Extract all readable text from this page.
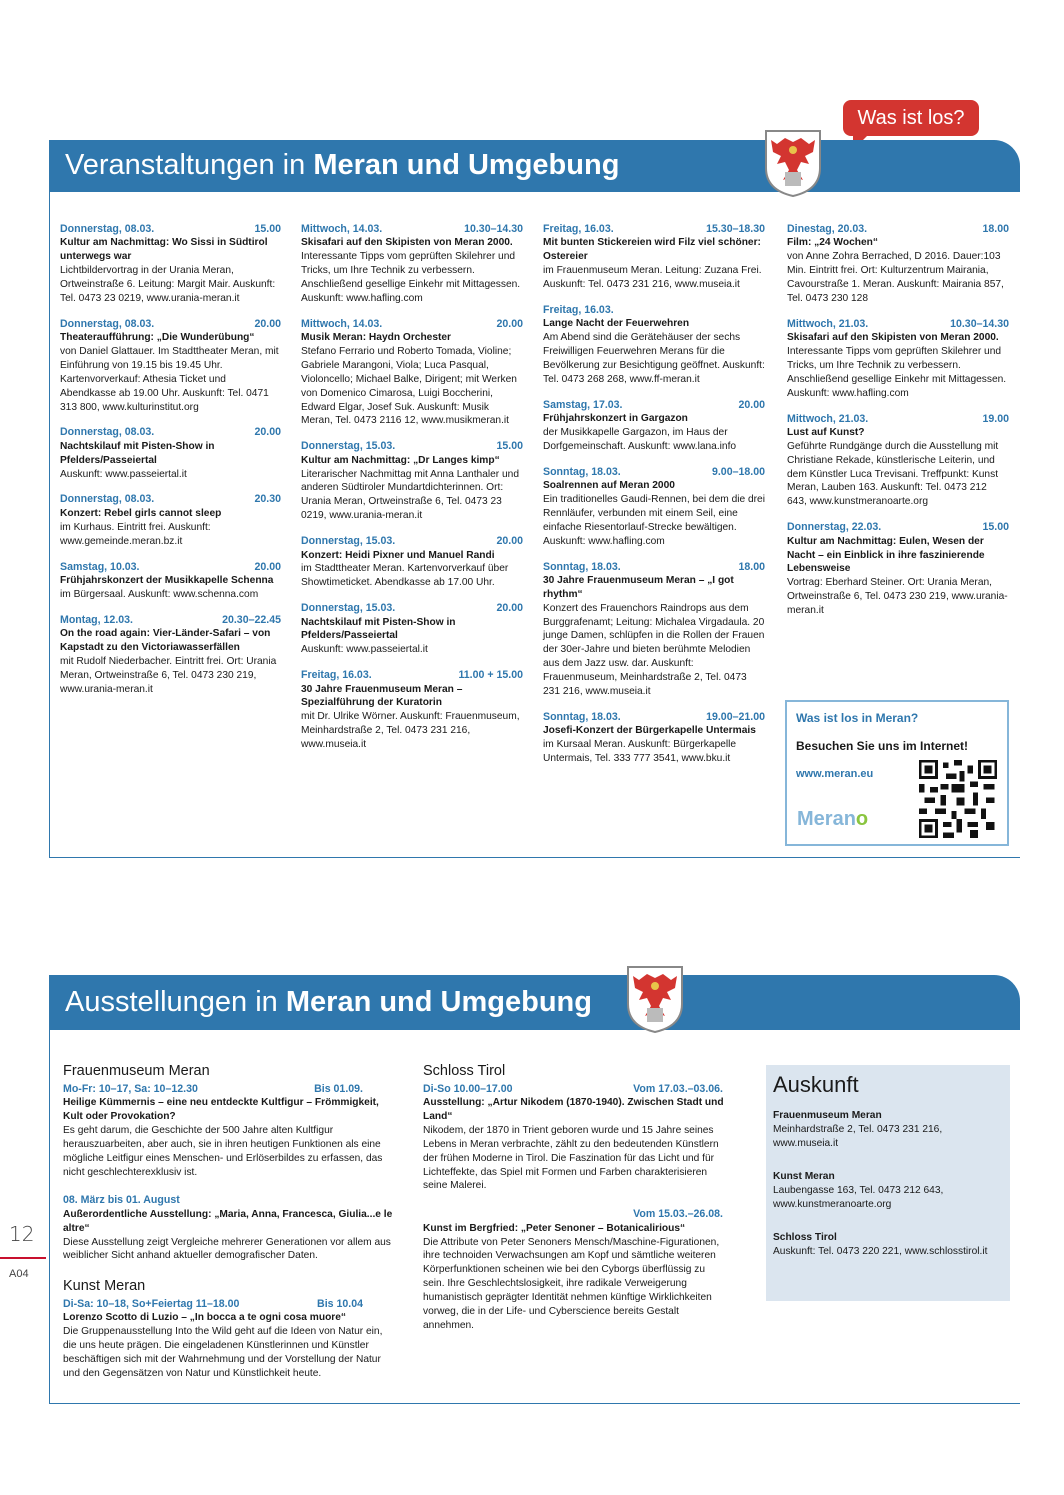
Was ist los?
Veranstaltungen in Meran und Umgebung
Donnerstag, 08.03.	15.00
Kultur am Nachmittag: Wo Sissi in Südtirol unterwegs war
Lichtbildervortrag in der Urania Meran, Ortweinstraße 6. Leitung: Margit Mair. Auskunft: Tel. 0473 23 0219, www.urania-meran.it
Donnerstag, 08.03.	20.00
Theateraufführung: „Die Wunderübung“
von Daniel Glattauer. Im Stadttheater Meran, mit Einführung von 19.15 bis 19.45 Uhr. Kartenvorverkauf: Athesia Ticket und Abendkasse ab 19.00 Uhr. Auskunft: Tel. 0471 313 800, www.kulturinstitut.org
Donnerstag, 08.03.	20.00
Nachtskilauf mit Pisten-Show in Pfelders/Passeiertal
Auskunft: www.passeiertal.it
Donnerstag, 08.03.	20.30
Konzert: Rebel girls cannot sleep
im Kurhaus. Eintritt frei. Auskunft: www.gemeinde.meran.bz.it
Samstag, 10.03.	20.00
Frühjahrskonzert der Musikkapelle Schenna
im Bürgersaal. Auskunft: www.schenna.com
Montag, 12.03.	20.30–22.45
On the road again: Vier-Länder-Safari – von Kapstadt zu den Victoriawasserfällen
mit Rudolf Niederbacher. Eintritt frei. Ort: Urania Meran, Ortweinstraße 6, Tel. 0473 230 219, www.urania-meran.it
Mittwoch, 14.03.	10.30–14.30
Skisafari auf den Skipisten von Meran 2000.
Interessante Tipps vom geprüften Skilehrer und Tricks, um Ihre Technik zu verbessern. Anschließend gesellige Einkehr mit Mittagessen. Auskunft: www.hafling.com
Mittwoch, 14.03.	20.00
Musik Meran: Haydn Orchester
Stefano Ferrario und Roberto Tomada, Violine; Gabriele Marangoni, Viola; Luca Pasqual, Violoncello; Michael Balke, Dirigent; mit Werken von Domenico Cimarosa, Luigi Boccherini, Edward Elgar, Josef Suk. Auskunft: Musik Meran, Tel. 0473 2116 12, www.musikmeran.it
Donnerstag, 15.03.	15.00
Kultur am Nachmittag: „Dr Langes kimp“
Literarischer Nachmittag mit Anna Lanthaler und anderen Südtiroler Mundartdichterinnen. Ort: Urania Meran, Ortweinstraße 6, Tel. 0473 23 0219, www.urania-meran.it
Donnerstag, 15.03.	20.00
Konzert: Heidi Pixner und Manuel Randi
im Stadttheater Meran. Kartenvorverkauf über Showtimeticket. Abendkasse ab 17.00 Uhr.
Donnerstag, 15.03.	20.00
Nachtskilauf mit Pisten-Show in Pfelders/Passeiertal
Auskunft: www.passeiertal.it
Freitag, 16.03.	11.00 + 15.00
30 Jahre Frauenmuseum Meran – Spezialführung der Kuratorin
mit Dr. Ulrike Wörner. Auskunft: Frauenmuseum, Meinhardstraße 2, Tel. 0473 231 216, www.museia.it
Freitag, 16.03.	15.30–18.30
Mit bunten Stickereien wird Filz viel schöner: Ostereier
im Frauenmuseum Meran. Leitung: Zuzana Frei. Auskunft: Tel. 0473 231 216, www.museia.it
Freitag, 16.03.
Lange Nacht der Feuerwehren
Am Abend sind die Gerätehäuser der sechs Freiwilligen Feuerwehren Merans für die Bevölkerung zur Besichtigung geöffnet. Auskunft: Tel. 0473 268 268, www.ff-meran.it
Samstag, 17.03.	20.00
Frühjahrskonzert in Gargazon
der Musikkapelle Gargazon, im Haus der Dorfgemeinschaft. Auskunft: www.lana.info
Sonntag, 18.03.	9.00–18.00
Soalrennen auf Meran 2000
Ein traditionelles Gaudi-Rennen, bei dem die drei Rennläufer, verbunden mit einem Seil, eine einfache Riesentorlauf-Strecke bewältigen. Auskunft: www.hafling.com
Sonntag, 18.03.	18.00
30 Jahre Frauenmuseum Meran – „I got rhythm“
Konzert des Frauenchors Raindrops aus dem Burggrafenamt; Leitung: Michalea Virgadaula. 20 junge Damen, schlüpfen in die Rollen der Frauen der 30er-Jahre und bieten berühmte Melodien aus dem Jazz usw. dar. Auskunft: Frauenmuseum, Meinhardstraße 2, Tel. 0473 231 216, www.museia.it
Sonntag, 18.03.	19.00–21.00
Josefi-Konzert der Bürgerkapelle Untermais
im Kursaal Meran. Auskunft: Bürgerkapelle Untermais, Tel. 333 777 3541, www.bku.it
Dinestag, 20.03.	18.00
Film: „24 Wochen“
von Anne Zohra Berrached, D 2016. Dauer:103 Min. Eintritt frei. Ort: Kulturzentrum Mairania, Cavourstraße 1. Meran. Auskunft: Mairania 857, Tel. 0473 230 128
Mittwoch, 21.03.	10.30–14.30
Skisafari auf den Skipisten von Meran 2000.
Interessante Tipps vom geprüften Skilehrer und Tricks, um Ihre Technik zu verbessern. Anschließend gesellige Einkehr mit Mittagessen. Auskunft: www.hafling.com
Mittwoch, 21.03.	19.00
Lust auf Kunst?
Geführte Rundgänge durch die Ausstellung mit Christiane Rekade, künstlerische Leiterin, und dem Künstler Luca Trevisani. Treffpunkt: Kunst Meran, Lauben 163. Auskunft: Tel. 0473 212 643, www.kunstmeranoarte.org
Donnerstag, 22.03.	15.00
Kultur am Nachmittag: Eulen, Wesen der Nacht – ein Einblick in ihre faszinierende Lebensweise
Vortrag: Eberhard Steiner. Ort: Urania Meran, Ortweinstraße 6, Tel. 0473 230 219, www.urania-meran.it
Was ist los in Meran?
Besuchen Sie uns im Internet!
www.meran.eu
Merano
Ausstellungen in Meran und Umgebung
Frauenmuseum Meran
Mo-Fr: 10–17, Sa: 10–12.30	Bis 01.09.
Heilige Kümmernis – eine neu entdeckte Kultfigur – Frömmigkeit, Kult oder Provokation?
Es geht darum, die Geschichte der 500 Jahre alten Kultfigur herauszuarbeiten, aber auch, sie in ihren heutigen Funktionen als eine mögliche Leitfigur eines Menschen- und Erlöserbildes zu erfassen, das nicht geschlechterexklusiv ist.
08. März bis 01. August
Außerordentliche Ausstellung: „Maria, Anna, Francesca, Giulia...e le altre“
Diese Ausstellung zeigt Vergleiche mehrerer Generationen vor allem aus weiblicher Sicht anhand aktueller demografischer Daten.
Kunst Meran
Di-Sa: 10–18, So+Feiertag 11–18.00	Bis 10.04
Lorenzo Scotto di Luzio – „In bocca a te ogni cosa muore“
Die Gruppenausstellung Into the Wild geht auf die Ideen von Natur ein, die uns heute prägen. Die eingeladenen Künstlerinnen und Künstler beschäftigen sich mit der Wahrnehmung und der Vorstellung der Natur und den Gegensätzen von Natur und Künstlichkeit heute.
Schloss Tirol
Di-So 10.00–17.00	Vom 17.03.–03.06.
Ausstellung: „Artur Nikodem (1870-1940). Zwischen Stadt und Land“
Nikodem, der 1870 in Trient geboren wurde und 15 Jahre seines Lebens in Meran verbrachte, zählt zu den bedeutenden Künstlern der frühen Moderne in Tirol. Die Faszination für das Licht und für Lichteffekte, das Spiel mit Formen und Farben charakterisieren seine Malerei.
Vom 15.03.–26.08.
Kunst im Bergfried: „Peter Senoner – Botanicalirious“
Die Attribute von Peter Senoners Mensch/Maschine-Figurationen, ihre technoiden Verwachsungen am Kopf und sämtliche weiteren Körperfunktionen scheinen wie bei den Cyborgs überflüssig zu sein. Ihre Geschlechtslosigkeit, ihre radikale Verweigerung humanistisch geprägter Identität nehmen künftige Wirklichkeiten vorweg, die in der Life- und Cyberscience bereits Gestalt annehmen.
Auskunft
Frauenmuseum Meran
Meinhardstraße 2, Tel. 0473 231 216, www.museia.it
Kunst Meran
Laubengasse 163, Tel. 0473 212 643, www.kunstmeranoarte.org
Schloss Tirol
Auskunft: Tel. 0473 220 221, www.schlosstirol.it
12
A04
